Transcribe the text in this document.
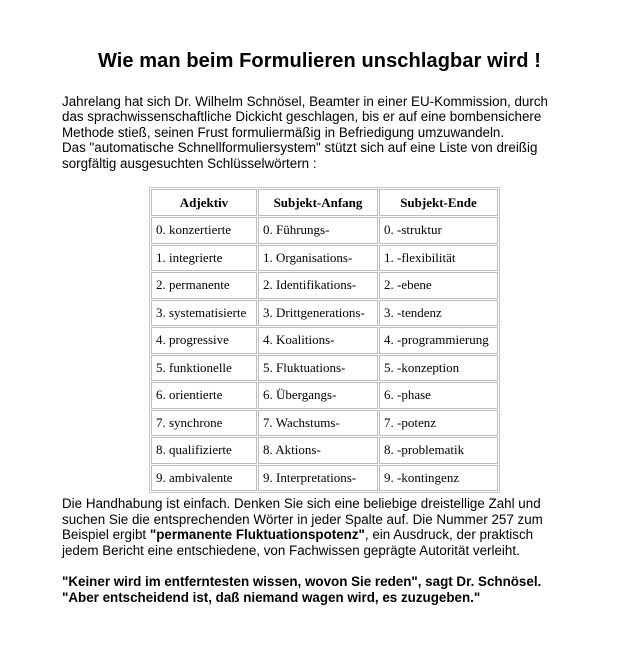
Wie man beim Formulieren unschlagbar wird !

Jahrelang hat sich Dr. Wilhelm Schnösel, Beamter in einer EU-Kommission, durch
das sprachwissenschaftliche Dickicht geschlagen, bis er auf eine bombensichere
Methode stieß, seinen Frust formuliermäßig in Befriedigung umzuwandeln.
Das "automatische Schnellformuliersystem" stützt sich auf eine Liste von dreißig
sorgfältig ausgesuchten Schlüsselwörtern :

Adjektiv	Subjekt-Anfang	Subjekt-Ende
0. konzertierte	0. Führungs-	0. -struktur
1. integrierte	1. Organisations-	1. -flexibilität
2. permanente	2. Identifikations-	2. -ebene
3. systematisierte	3. Drittgenerations-	3. -tendenz
4. progressive	4. Koalitions-	4. -programmierung
5. funktionelle	5. Fluktuations-	5. -konzeption
6. orientierte	6. Übergangs-	6. -phase
7. synchrone	7. Wachstums-	7. -potenz
8. qualifizierte	8. Aktions-	8. -problematik
9. ambivalente	9. Interpretations-	9. -kontingenz

Die Handhabung ist einfach. Denken Sie sich eine beliebige dreistellige Zahl und
suchen Sie die entsprechenden Wörter in jeder Spalte auf. Die Nummer 257 zum
Beispiel ergibt "permanente Fluktuationspotenz", ein Ausdruck, der praktisch
jedem Bericht eine entschiedene, von Fachwissen geprägte Autorität verleiht.

"Keiner wird im entferntesten wissen, wovon Sie reden", sagt Dr. Schnösel.
"Aber entscheidend ist, daß niemand wagen wird, es zuzugeben."
